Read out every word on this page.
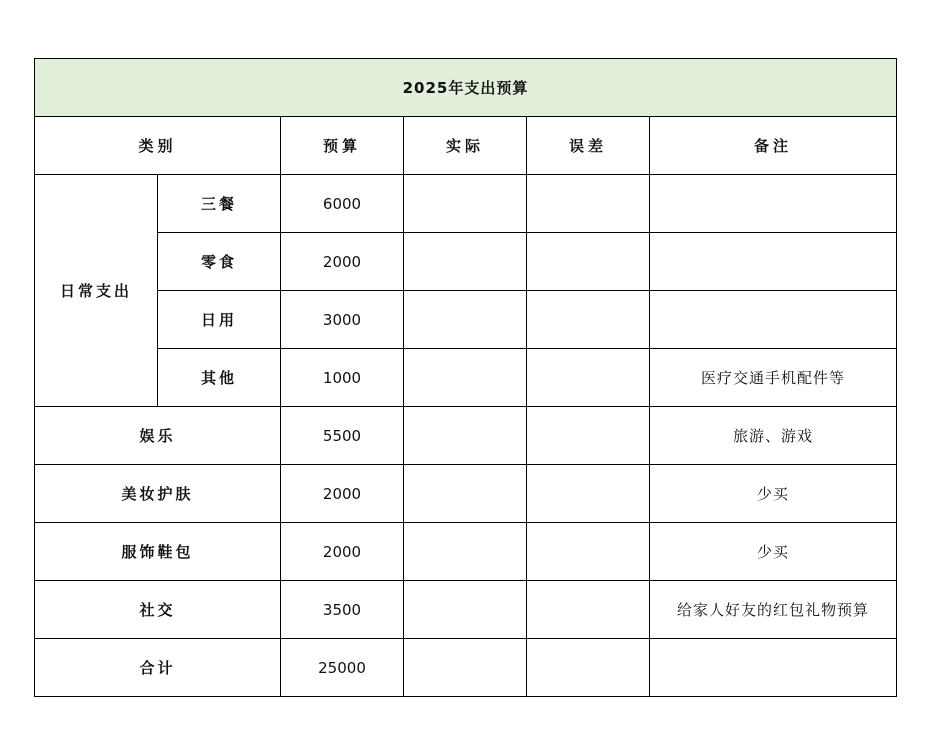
2025年支出预算					
类别		预算	实际	误差	备注
日常支出	三餐	6000			
	零食	2000			
	日用	3000			
	其他	1000			医疗交通手机配件等
娱乐		5500			旅游、游戏
美妆护肤		2000			少买
服饰鞋包		2000			少买
社交		3500			给家人好友的红包礼物预算
合计		25000			
